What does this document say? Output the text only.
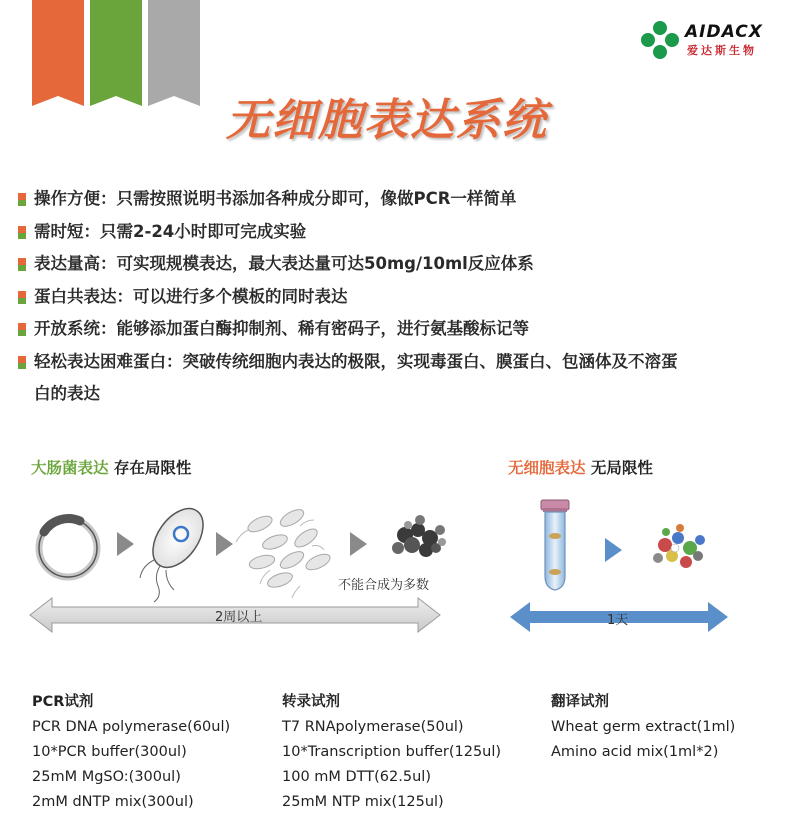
AIDACX
爱达斯生物
无细胞表达系统
操作方便：只需按照说明书添加各种成分即可，像做PCR一样简单
需时短：只需2-24小时即可完成实验
表达量高：可实现规模表达，最大表达量可达50mg/10ml反应体系
蛋白共表达：可以进行多个模板的同时表达
开放系统：能够添加蛋白酶抑制剂、稀有密码子，进行氨基酸标记等
轻松表达困难蛋白：突破传统细胞内表达的极限，实现毒蛋白、膜蛋白、包涵体及不溶蛋
白的表达
大肠菌表达 存在局限性	无细胞表达 无局限性
不能合成为多数
2周以上	1天
PCR试剂
PCR DNA polymerase(60ul)
10*PCR buffer(300ul)
25mM MgSO:(300ul)
2mM dNTP mix(300ul)
转录试剂
T7 RNApolymerase(50ul)
10*Transcription buffer(125ul)
100 mM DTT(62.5ul)
25mM NTP mix(125ul)
翻译试剂
Wheat germ extract(1ml)
Amino acid mix(1ml*2)
